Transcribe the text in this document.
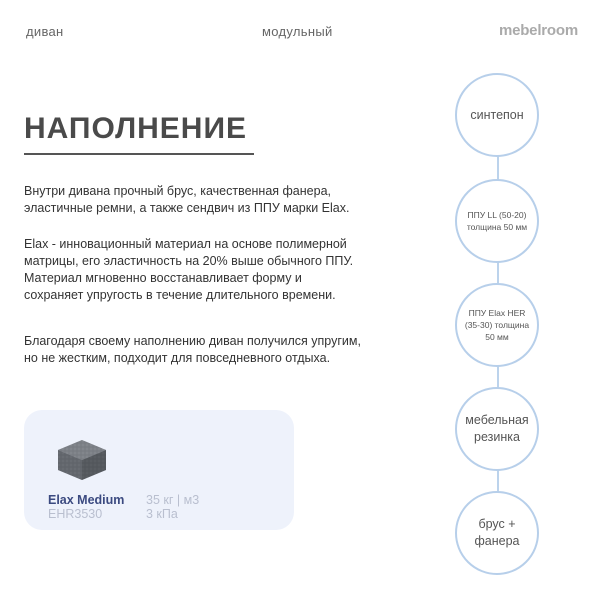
диван	модульный	mebelroom
НАПОЛНЕНИЕ
Внутри дивана прочный брус, качественная фанера, эластичные ремни, а также сендвич из ППУ марки Elax.
Elax - инновационный материал на основе полимерной матрицы, его эластичность на 20% выше обычного ППУ. Материал мгновенно восстанавливает форму и сохраняет упругость в течение длительного времени.
Благодаря своему наполнению диван получился упругим, но не жестким, подходит для повседневного отдыха.
Elax Medium
EHR3530
35 кг | м3
3 кПа
синтепон
ППУ LL (50-20) толщина 50 мм
ППУ Elax HER (35-30) толщина 50 мм
мебельная резинка
брус + фанера
